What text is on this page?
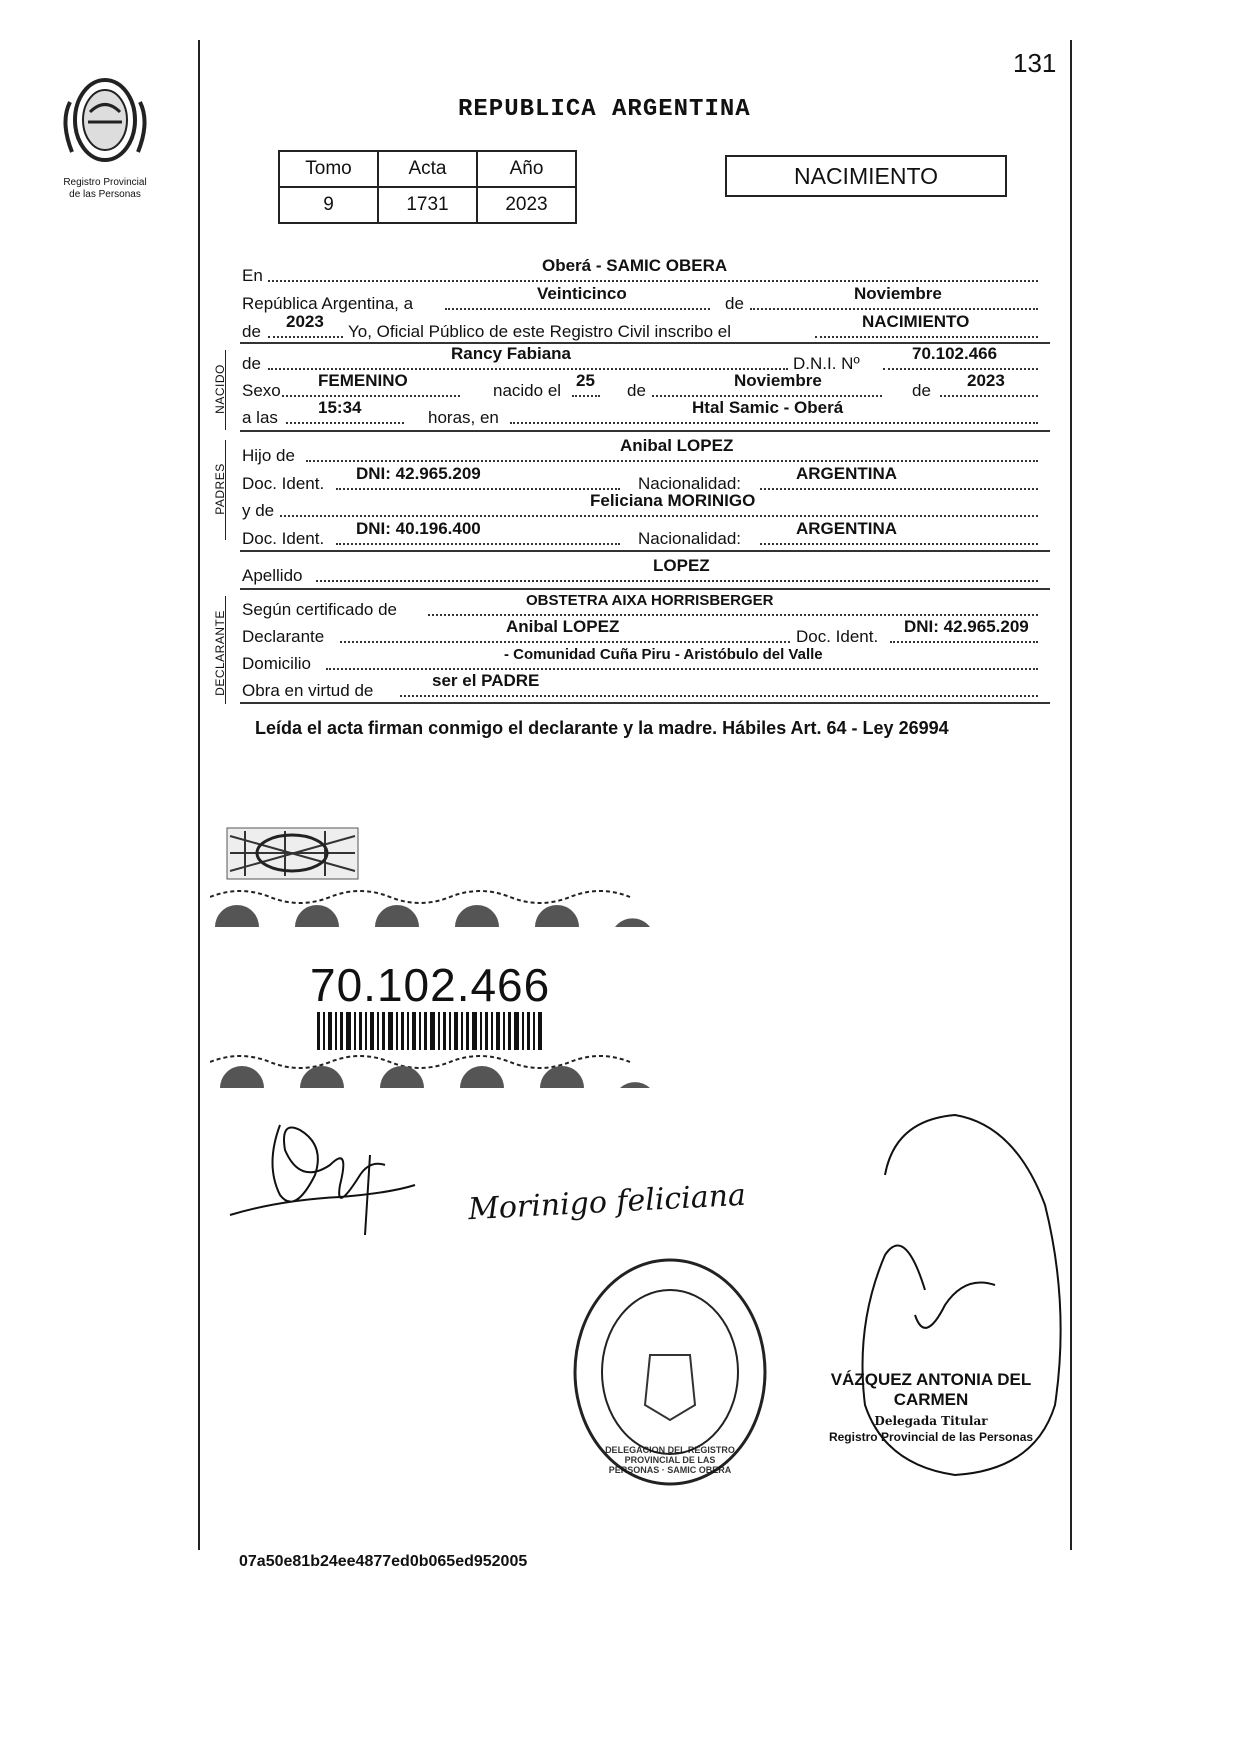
Registro Provincial
de las Personas
131
REPUBLICA ARGENTINA
Tomo	Acta	Año
9	1731	2023
NACIMIENTO
En
Oberá - SAMIC OBERA
República Argentina, a
Veinticinco
de
Noviembre
de
2023
Yo, Oficial Público de este Registro Civil inscribo el
NACIMIENTO
NACIDO
de
Rancy Fabiana
D.N.I. Nº
70.102.466
Sexo
FEMENINO
nacido el
25
de
Noviembre
de
2023
a las
15:34
horas, en
Htal Samic - Oberá
PADRES
Hijo de
Anibal LOPEZ
Doc. Ident.
DNI: 42.965.209
Nacionalidad:
ARGENTINA
y de
Feliciana MORINIGO
Doc. Ident.
DNI: 40.196.400
Nacionalidad:
ARGENTINA
Apellido
LOPEZ
DECLARANTE
Según certificado de	OBSTETRA AIXA HORRISBERGER
Declarante
Anibal LOPEZ
Doc. Ident.
DNI: 42.965.209
Domicilio	- Comunidad Cuña Piru - Aristóbulo del Valle
Obra en virtud de
ser el PADRE
Leída el acta firman conmigo el declarante y la madre. Hábiles Art. 64 - Ley 26994
70.102.466
Morinigo feliciana
DELEGACION DEL REGISTRO PROVINCIAL DE LAS PERSONAS · SAMIC OBERA
VÁZQUEZ ANTONIA DEL CARMEN
Delegada Titular
Registro Provincial de las Personas
07a50e81b24ee4877ed0b065ed952005
